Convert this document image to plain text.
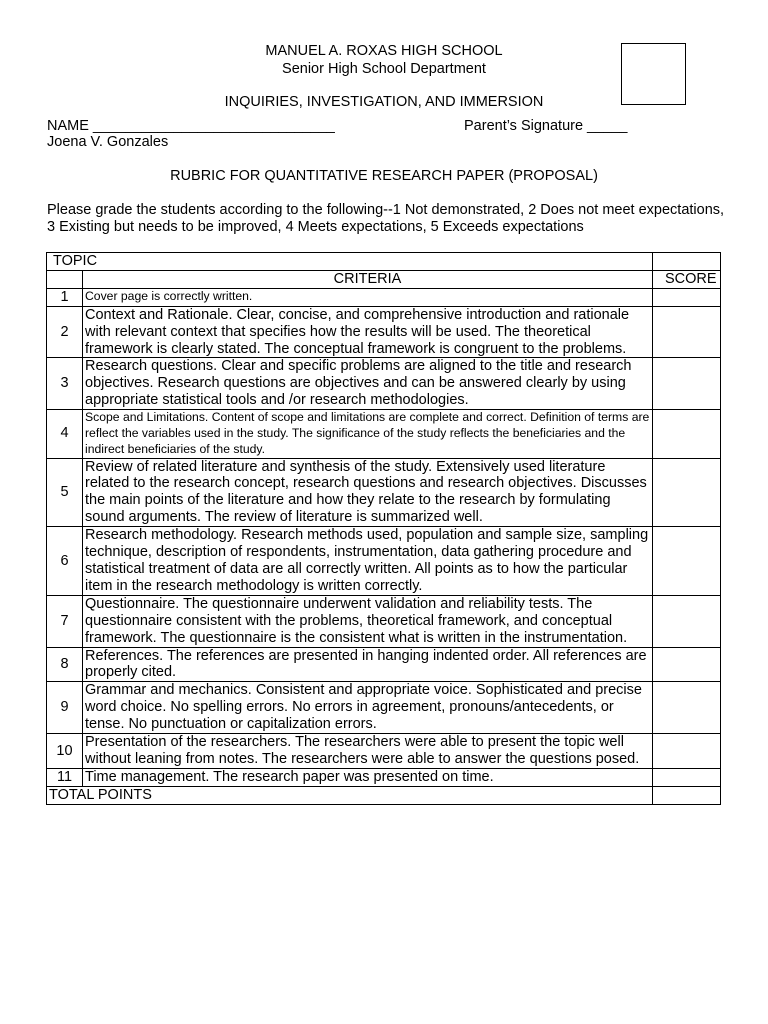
MANUEL A. ROXAS HIGH SCHOOL
Senior High School Department
INQUIRIES, INVESTIGATION, AND IMMERSION
NAME ______________________________
Joena V. Gonzales
Parent’s Signature _____
RUBRIC FOR QUANTITATIVE RESEARCH PAPER (PROPOSAL)
Please grade the students according to the following--1 Not demonstrated, 2 Does not meet expectations, 3 Existing but needs to be improved, 4 Meets expectations, 5 Exceeds expectations
TOPIC		
	CRITERIA	SCORE
1	Cover page is correctly written.	
2	Context and Rationale. Clear, concise, and comprehensive introduction and rationale with relevant context that specifies how the results will be used. The theoretical framework is clearly stated. The conceptual framework is congruent to the problems.	
3	Research questions. Clear and specific problems are aligned to the title and research objectives. Research questions are objectives and can be answered clearly by using appropriate statistical tools and /or research methodologies.	
4	Scope and Limitations. Content of scope and limitations are complete and correct. Definition of terms are reflect the variables used in the study. The significance of the study reflects the beneficiaries and the indirect beneficiaries of the study.	
5	Review of related literature and synthesis of the study. Extensively used literature related to the research concept, research questions and research objectives. Discusses the main points of the literature and how they relate to the research by formulating sound arguments. The review of literature is summarized well.	
6	Research methodology. Research methods used, population and sample size, sampling technique, description of respondents, instrumentation, data gathering procedure and statistical treatment of data are all correctly written. All points as to how the particular item in the research methodology is written correctly.	
7	Questionnaire. The questionnaire underwent validation and reliability tests. The questionnaire consistent with the problems, theoretical framework, and conceptual framework. The questionnaire is the consistent what is written in the instrumentation.	
8	References. The references are presented in hanging indented order. All references are properly cited.	
9	Grammar and mechanics. Consistent and appropriate voice. Sophisticated and precise word choice. No spelling errors. No errors in agreement, pronouns/antecedents, or tense. No punctuation or capitalization errors.	
10	Presentation of the researchers. The researchers were able to present the topic well without leaning from notes. The researchers were able to answer the questions posed.	
11	Time management. The research paper was presented on time.	
TOTAL POINTS		
